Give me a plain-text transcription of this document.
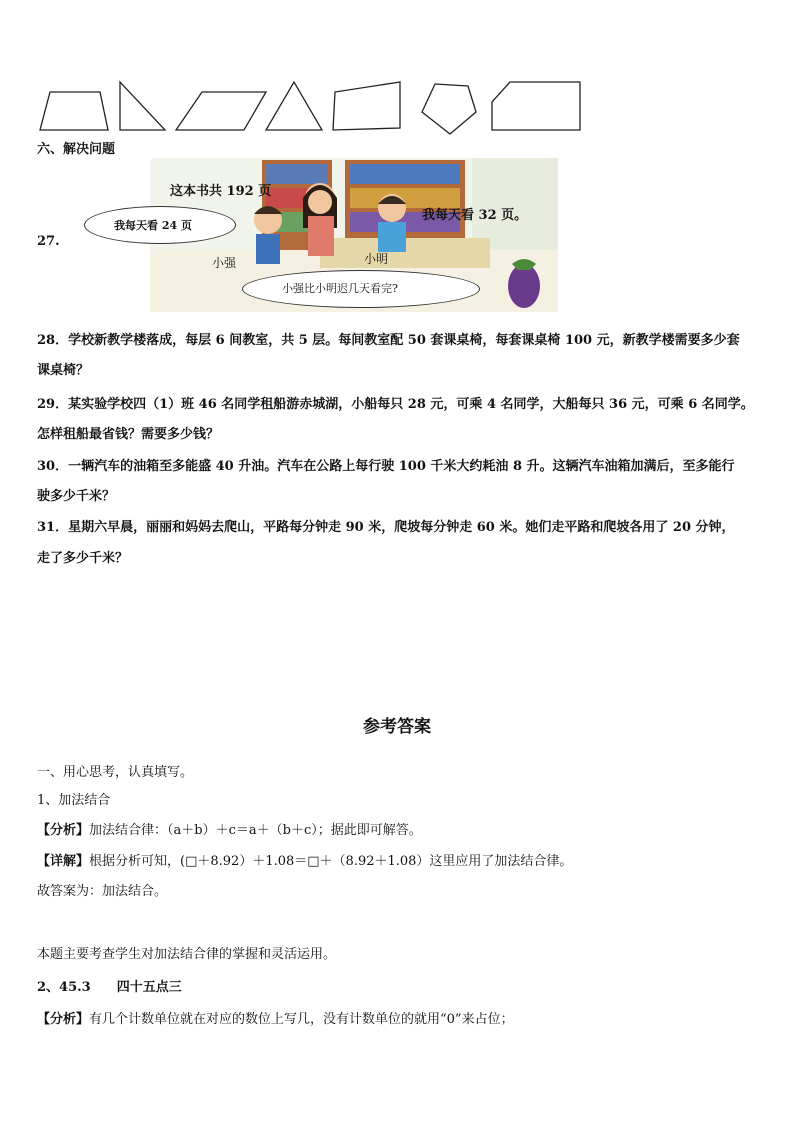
六、解决问题
27.
这本书共 192 页
我每天看 32 页。
我每天看 24 页
小强	小明
小强比小明迟几天看完?
28．学校新教学楼落成，每层 6 间教室，共 5 层。每间教室配 50 套课桌椅，每套课桌椅 100 元，新教学楼需要多少套
课桌椅？
29．某实验学校四（1）班 46 名同学租船游赤城湖，小船每只 28 元，可乘 4 名同学，大船每只 36 元，可乘 6 名同学。
怎样租船最省钱？需要多少钱？
30．一辆汽车的油箱至多能盛 40 升油。汽车在公路上每行驶 100 千米大约耗油 8 升。这辆汽车油箱加满后，至多能行
驶多少千米？
31．星期六早晨，丽丽和妈妈去爬山，平路每分钟走 90 米，爬坡每分钟走 60 米。她们走平路和爬坡各用了 20 分钟，
走了多少千米？
参考答案
一、用心思考，认真填写。
1、加法结合
【分析】加法结合律：（a＋b）＋c＝a＋（b＋c）；据此即可解答。
【详解】根据分析可知，(□＋8.92）＋1.08＝□＋（8.92＋1.08）这里应用了加法结合律。
故答案为：加法结合。
本题主要考查学生对加法结合律的掌握和灵活运用。
2、45.3　　四十五点三
【分析】有几个计数单位就在对应的数位上写几，没有计数单位的就用“0”来占位；
